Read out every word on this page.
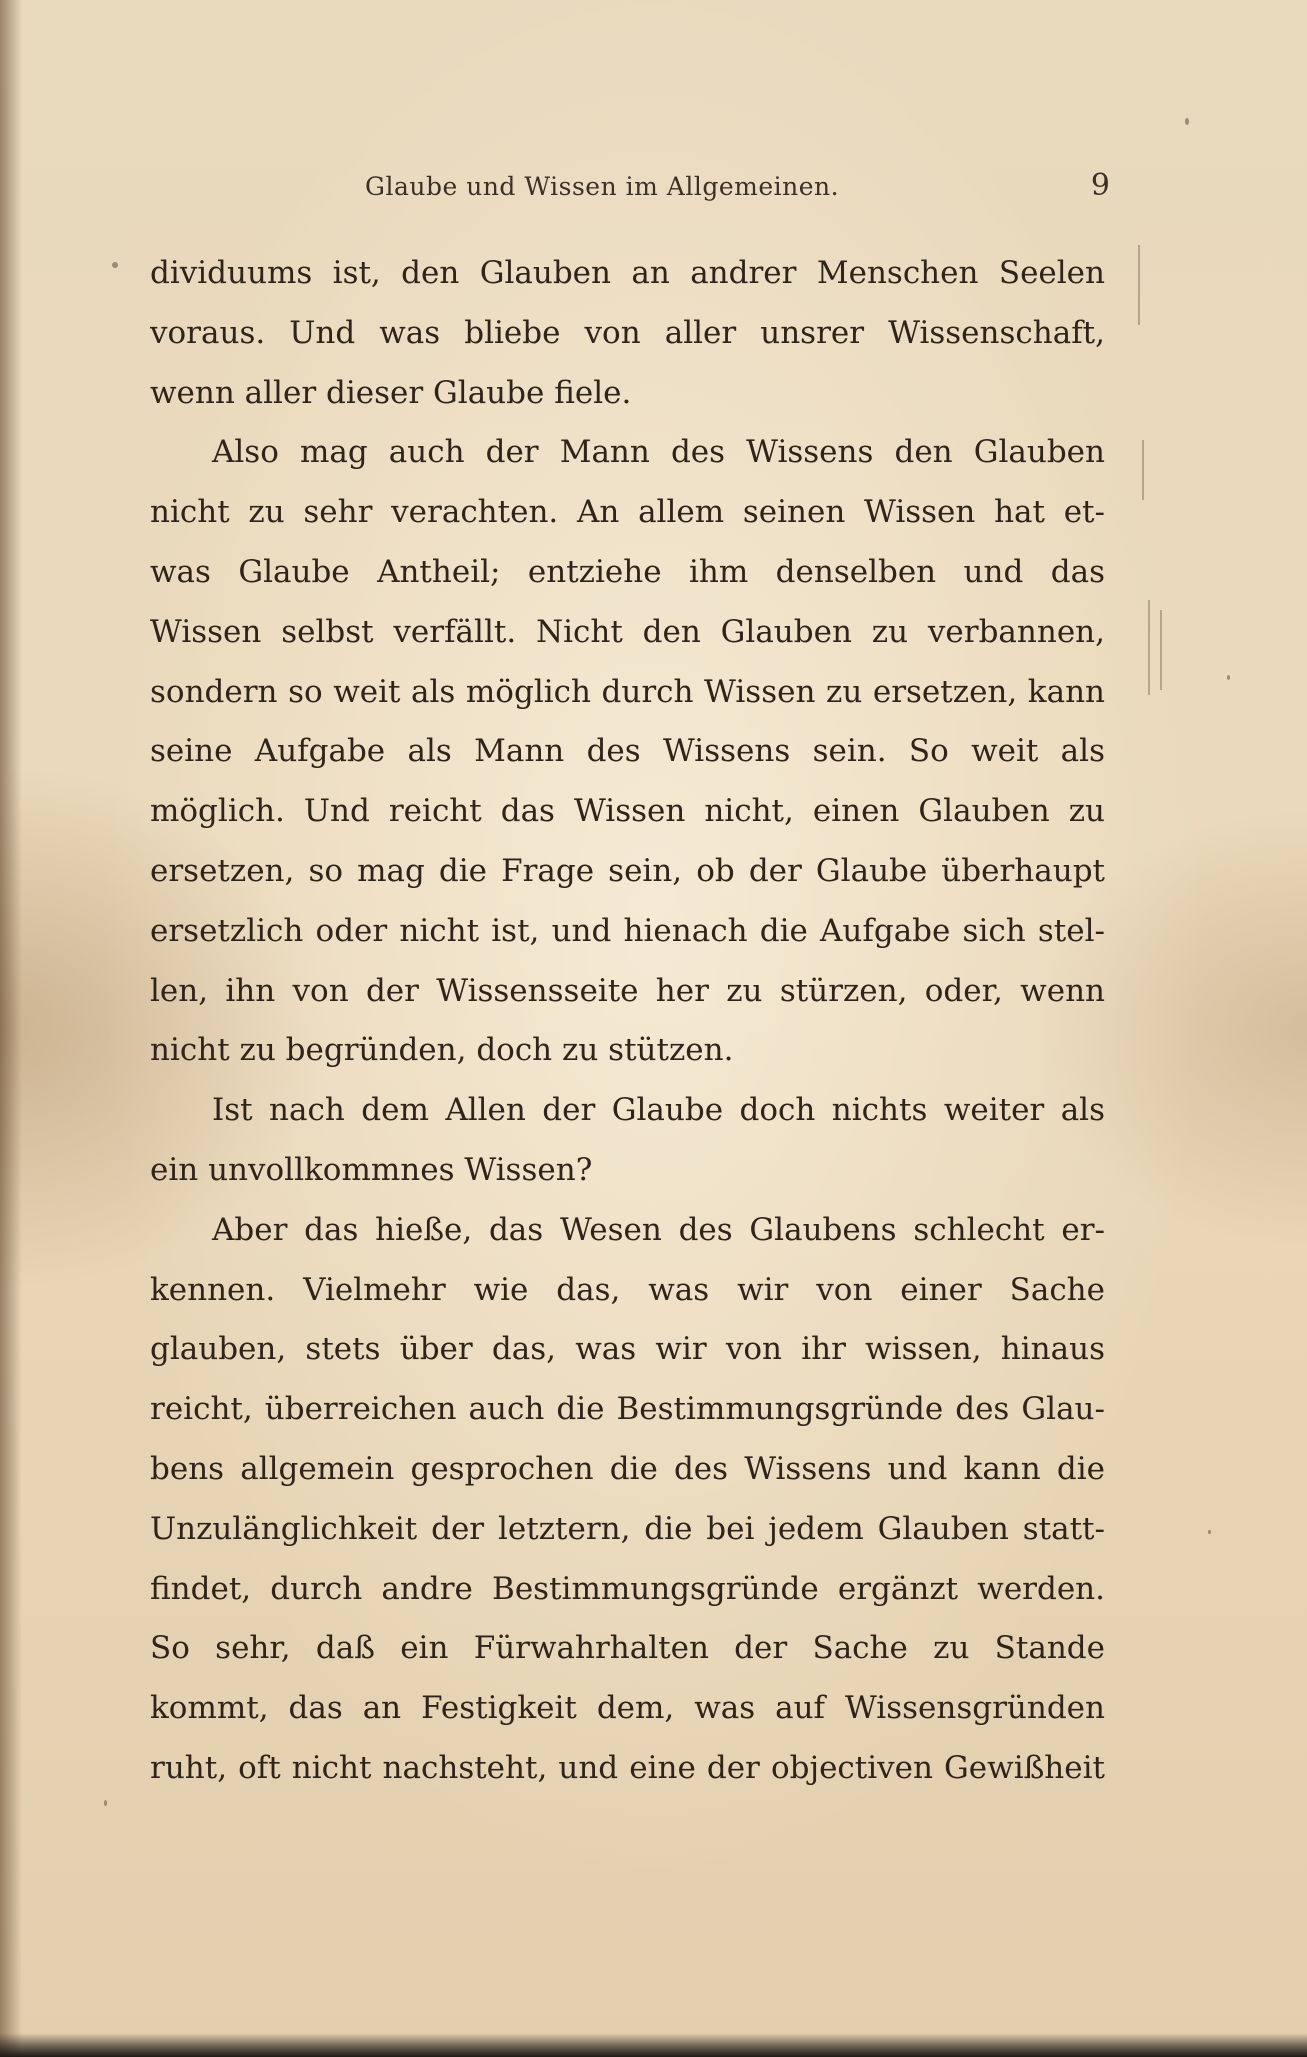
Glaube und Wissen im Allgemeinen.	9
dividuums ist, den Glauben an andrer Menschen Seelen
voraus. Und was bliebe von aller unsrer Wissenschaft,
wenn aller dieser Glaube fiele.
Also mag auch der Mann des Wissens den Glauben
nicht zu sehr verachten. An allem seinen Wissen hat et-
was Glaube Antheil; entziehe ihm denselben und das
Wissen selbst verfällt. Nicht den Glauben zu verbannen,
sondern so weit als möglich durch Wissen zu ersetzen, kann
seine Aufgabe als Mann des Wissens sein. So weit als
möglich. Und reicht das Wissen nicht, einen Glauben zu
ersetzen, so mag die Frage sein, ob der Glaube überhaupt
ersetzlich oder nicht ist, und hienach die Aufgabe sich stel-
len, ihn von der Wissensseite her zu stürzen, oder, wenn
nicht zu begründen, doch zu stützen.
Ist nach dem Allen der Glaube doch nichts weiter als
ein unvollkommnes Wissen?
Aber das hieße, das Wesen des Glaubens schlecht er-
kennen. Vielmehr wie das, was wir von einer Sache
glauben, stets über das, was wir von ihr wissen, hinaus
reicht, überreichen auch die Bestimmungsgründe des Glau-
bens allgemein gesprochen die des Wissens und kann die
Unzulänglichkeit der letztern, die bei jedem Glauben statt-
findet, durch andre Bestimmungsgründe ergänzt werden.
So sehr, daß ein Fürwahrhalten der Sache zu Stande
kommt, das an Festigkeit dem, was auf Wissensgründen
ruht, oft nicht nachsteht, und eine der objectiven Gewißheit
